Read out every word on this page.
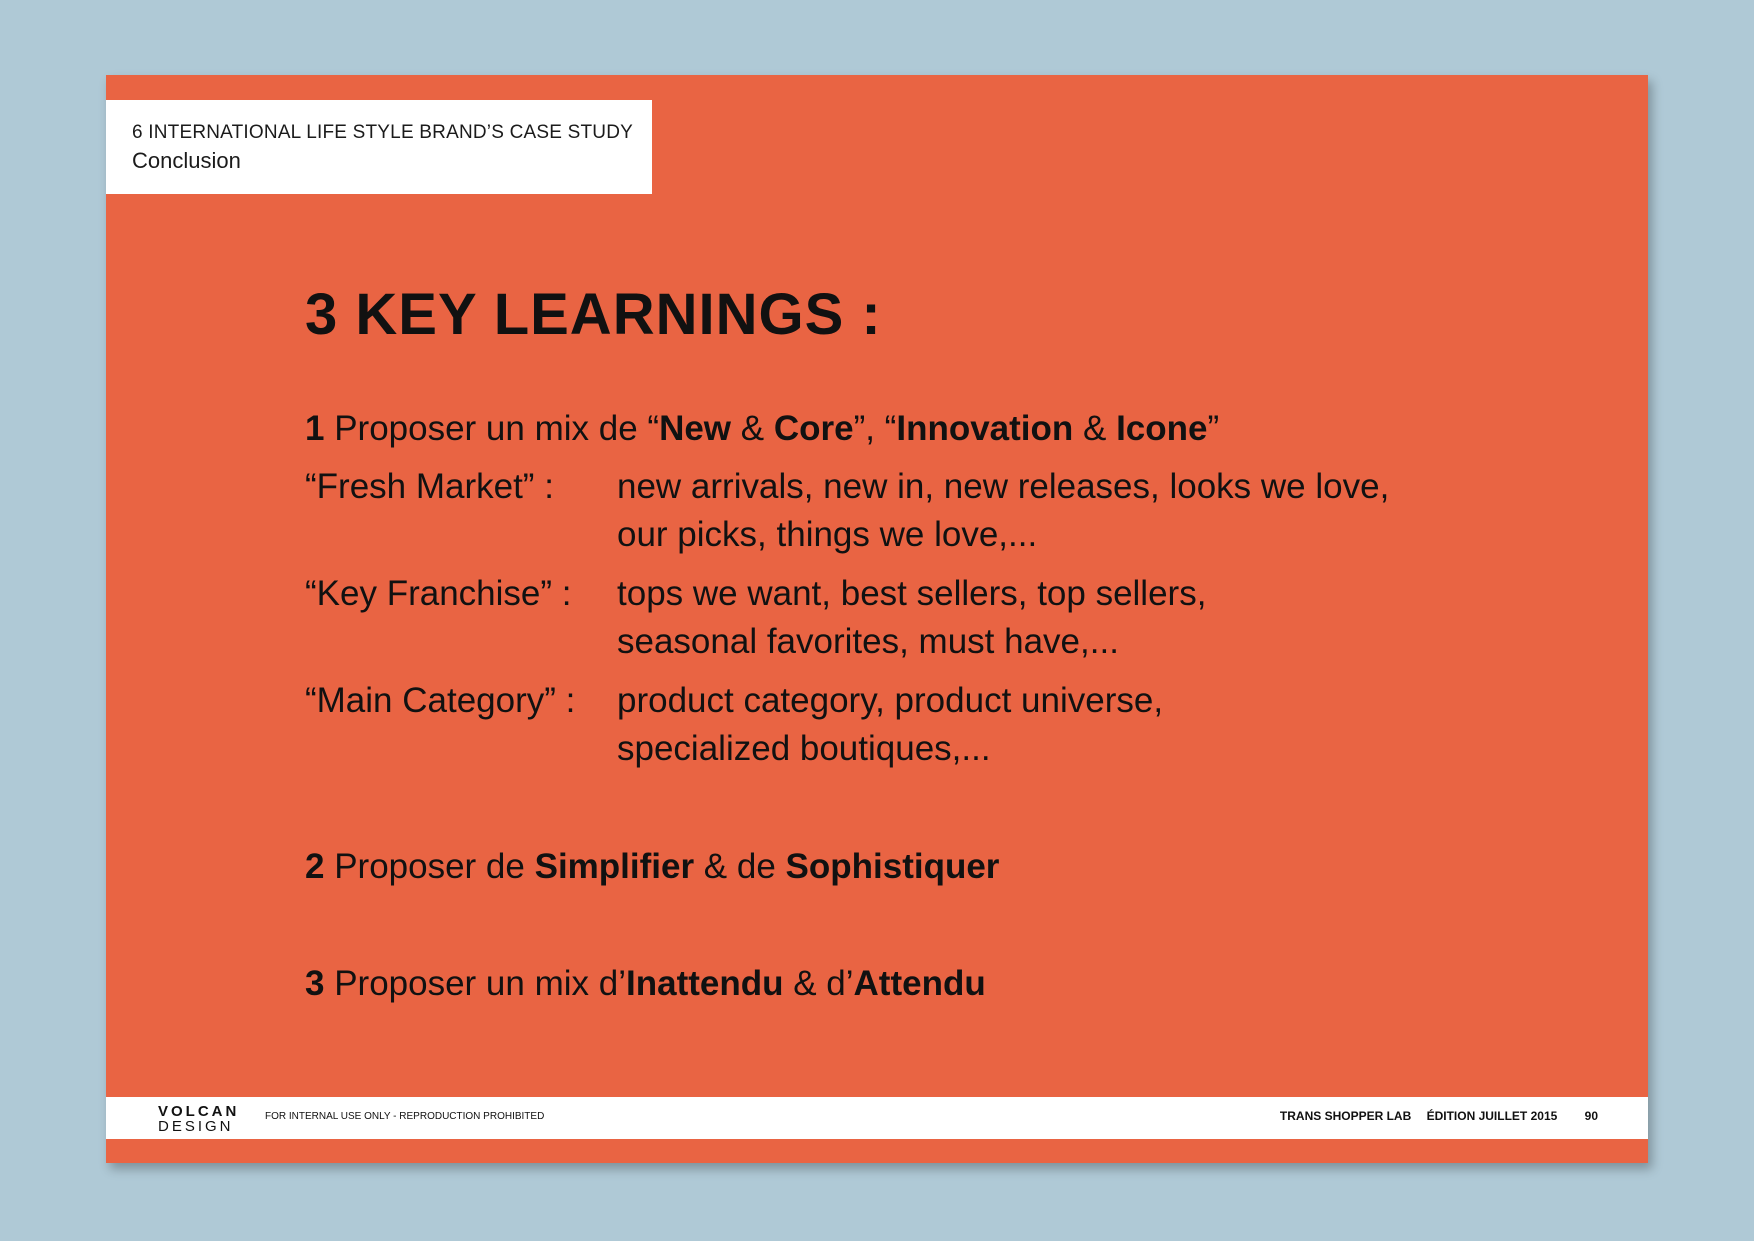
6 INTERNATIONAL LIFE STYLE BRAND’S CASE STUDY
Conclusion
3 KEY LEARNINGS :
1 Proposer un mix de “New & Core”, “Innovation & Icone”
“Fresh Market” : new arrivals, new in, new releases, looks we love,
our picks, things we love,...
“Key Franchise” : tops we want, best sellers, top sellers,
seasonal favorites, must have,...
“Main Category” : product category, product universe,
specialized boutiques,...
2 Proposer de Simplifier & de Sophistiquer
3 Proposer un mix d’Inattendu & d’Attendu
VOLCAN
DESIGN
FOR INTERNAL USE ONLY - REPRODUCTION PROHIBITED	TRANS SHOPPER LAB ÉDITION JUILLET 2015 90
